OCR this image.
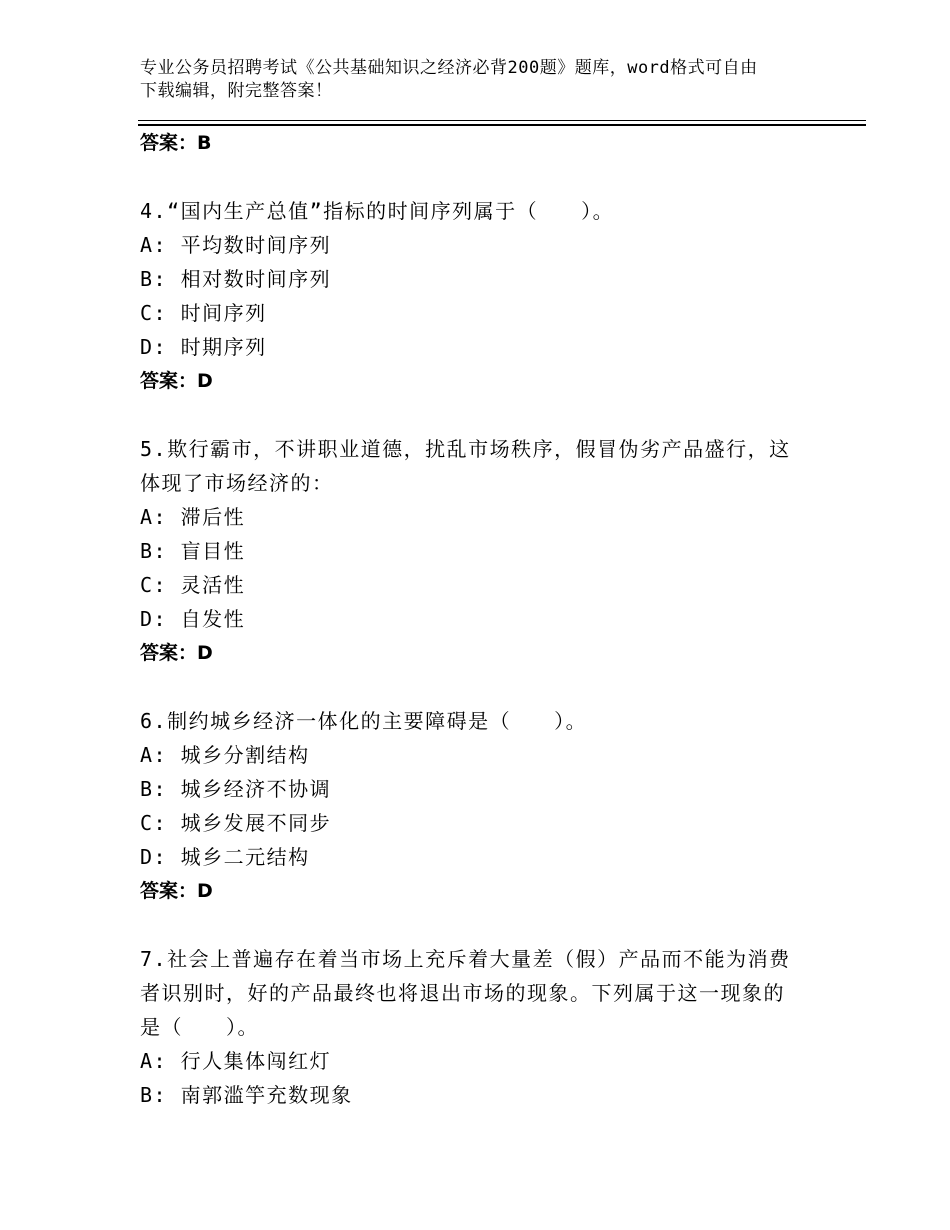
专业公务员招聘考试《公共基础知识之经济必背200题》题库，word格式可自由
下载编辑，附完整答案！
答案：B
4.“国内生产总值”指标的时间序列属于（　　）。
A: 平均数时间序列
B: 相对数时间序列
C: 时间序列
D: 时期序列
答案：D
5.欺行霸市，不讲职业道德，扰乱市场秩序，假冒伪劣产品盛行，这
体现了市场经济的：
A: 滞后性
B: 盲目性
C: 灵活性
D: 自发性
答案：D
6.制约城乡经济一体化的主要障碍是（　　）。
A: 城乡分割结构
B: 城乡经济不协调
C: 城乡发展不同步
D: 城乡二元结构
答案：D
7.社会上普遍存在着当市场上充斥着大量差（假）产品而不能为消费
者识别时，好的产品最终也将退出市场的现象。下列属于这一现象的
是（　　）。
A: 行人集体闯红灯
B: 南郭滥竽充数现象
